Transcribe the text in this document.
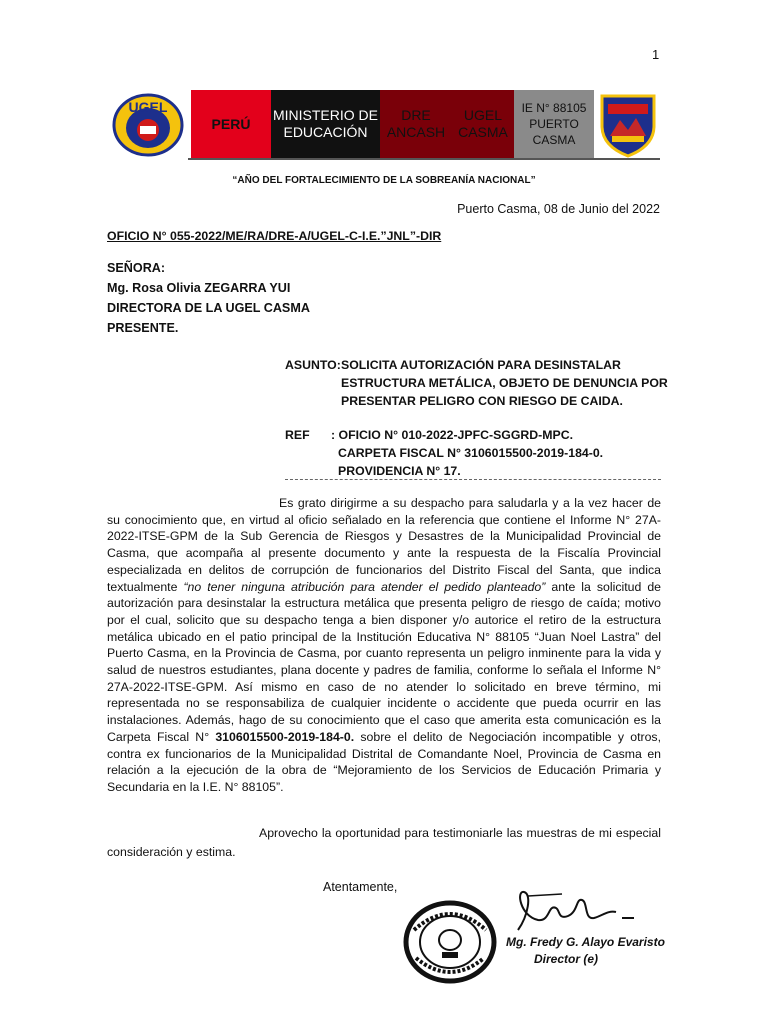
1
UGEL
PERÚ
MINISTERIO DE
EDUCACIÓN
DRE
ANCASH
UGEL
CASMA
IE N° 88105
PUERTO
CASMA
“AÑO DEL FORTALECIMIENTO DE LA SOBREANÍA NACIONAL”
Puerto Casma, 08 de Junio del 2022
OFICIO N° 055-2022/ME/RA/DRE-A/UGEL-C-I.E.”JNL”-DIR
SEÑORA:
Mg. Rosa Olivia ZEGARRA YUI
DIRECTORA DE LA UGEL CASMA
PRESENTE.
ASUNTO: SOLICITA AUTORIZACIÓN PARA DESINSTALAR
ESTRUCTURA METÁLICA, OBJETO DE DENUNCIA POR
PRESENTAR PELIGRO CON RIESGO DE CAIDA.
REF : OFICIO N° 010-2022-JPFC-SGGRD-MPC.
CARPETA FISCAL N° 3106015500-2019-184-0.
PROVIDENCIA N° 17.
Es grato dirigirme a su despacho para saludarla y a la vez hacer de su conocimiento que, en virtud al oficio señalado en la referencia que contiene el Informe N° 27A-2022-ITSE-GPM de la Sub Gerencia de Riesgos y Desastres de la Municipalidad Provincial de Casma, que acompaña al presente documento y ante la respuesta de la Fiscalía Provincial especializada en delitos de corrupción de funcionarios del Distrito Fiscal del Santa, que indica textualmente “no tener ninguna atribución para atender el pedido planteado” ante la solicitud de autorización para desinstalar la estructura metálica que presenta peligro de riesgo de caída; motivo por el cual, solicito que su despacho tenga a bien disponer y/o autorice el retiro de la estructura metálica ubicado en el patio principal de la Institución Educativa N° 88105 “Juan Noel Lastra” del Puerto Casma, en la Provincia de Casma, por cuanto representa un peligro inminente para la vida y salud de nuestros estudiantes, plana docente y padres de familia, conforme lo señala el Informe N° 27A-2022-ITSE-GPM. Así mismo en caso de no atender lo solicitado en breve término, mi representada no se responsabiliza de cualquier incidente o accidente que pueda ocurrir en las instalaciones. Además, hago de su conocimiento que el caso que amerita esta comunicación es la Carpeta Fiscal N° 3106015500-2019-184-0. sobre el delito de Negociación incompatible y otros, contra ex funcionarios de la Municipalidad Distrital de Comandante Noel, Provincia de Casma en relación a la ejecución de la obra de “Mejoramiento de los Servicios de Educación Primaria y Secundaria en la I.E. N° 88105”.
Aprovecho la oportunidad para testimoniarle las muestras de mi especial consideración y estima.
Atentamente,
Mg. Fredy G. Alayo Evaristo
Director (e)
